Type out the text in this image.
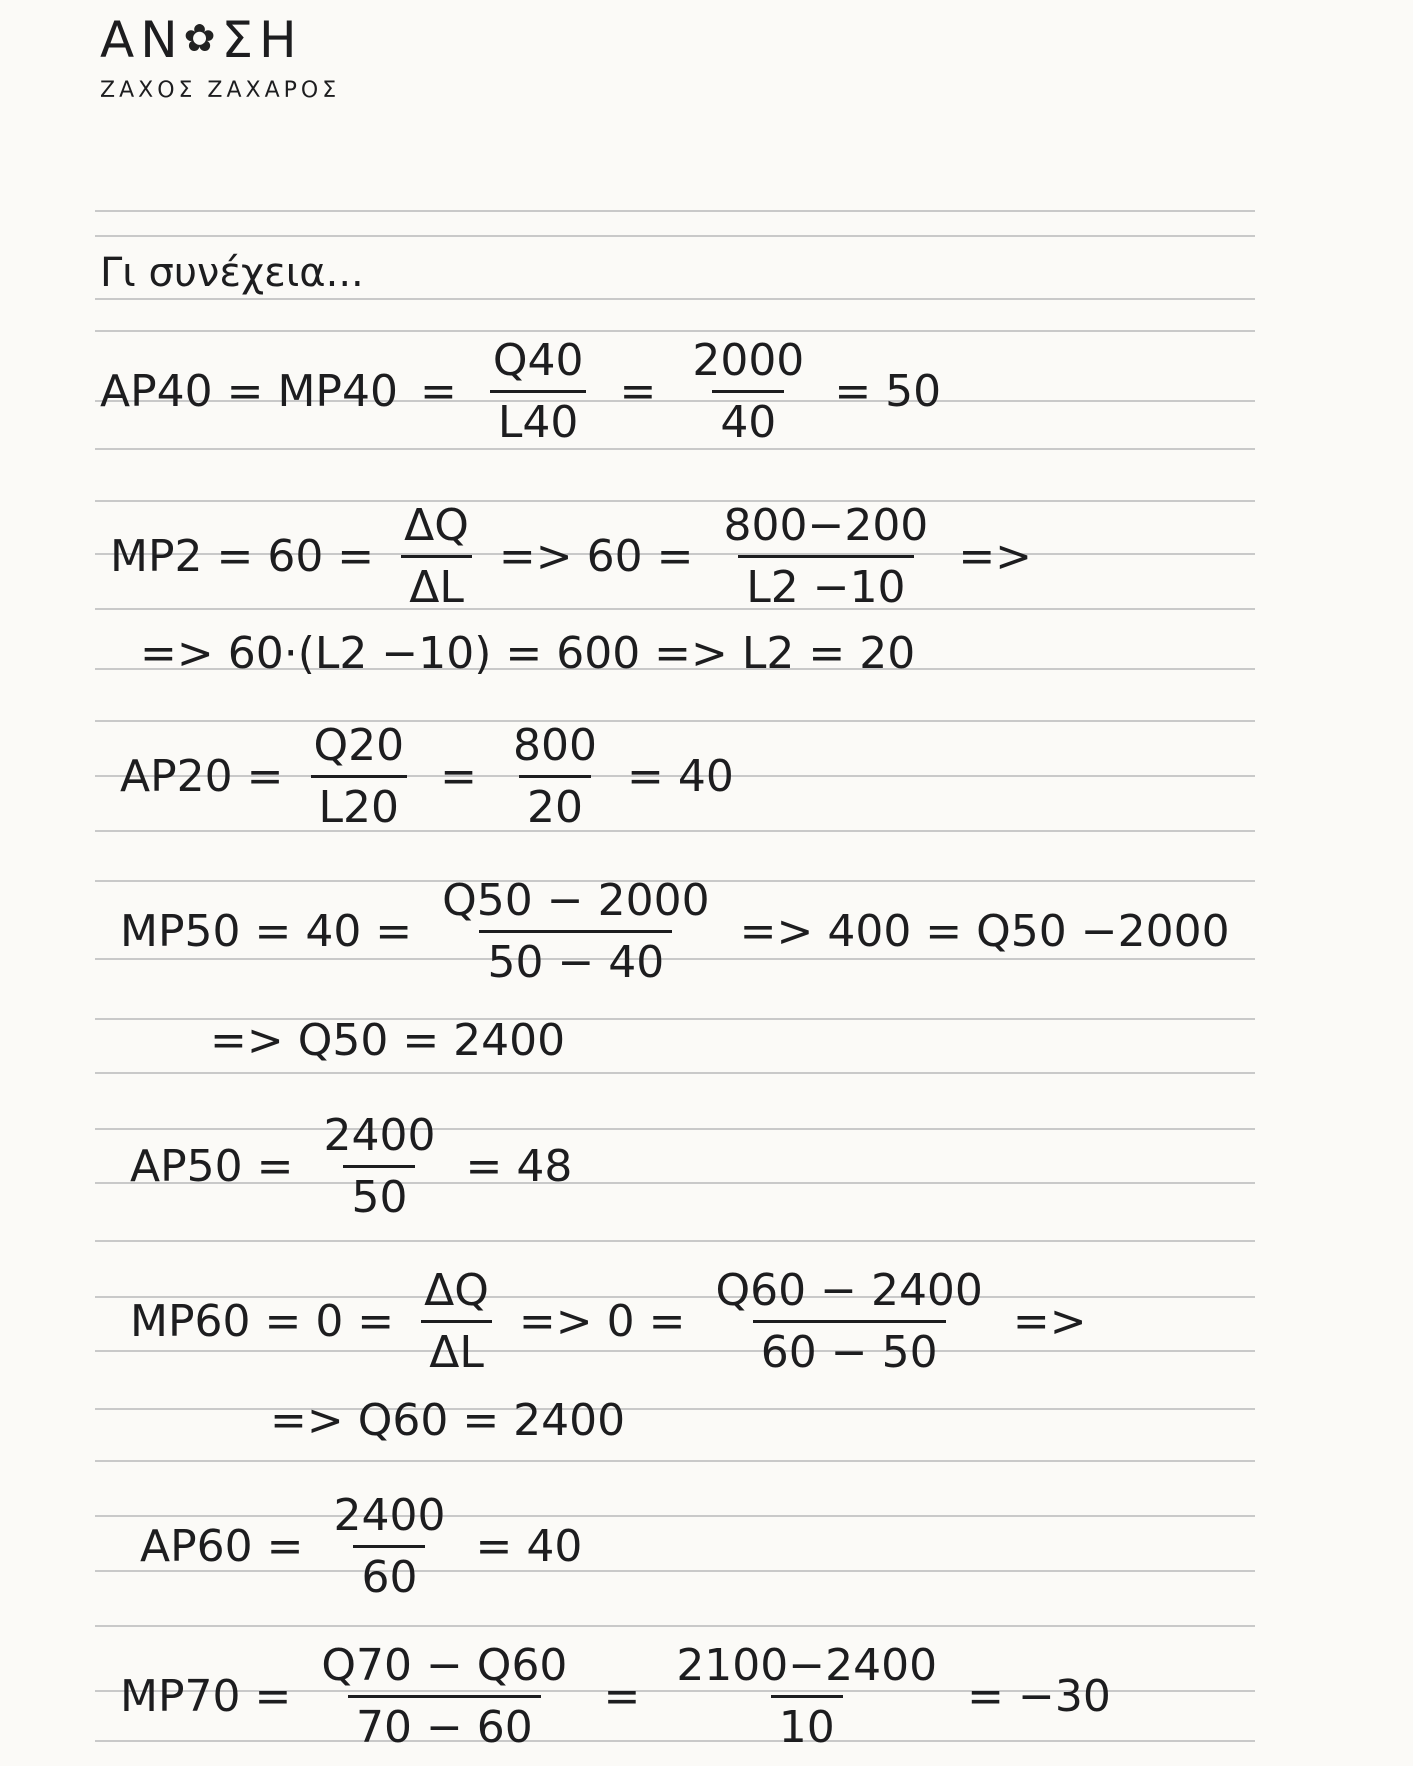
ΑΝ✿ΣΗ
ΖΑΧΟΣ ΖΑΧΑΡΟΣ
Γι συνέχεια...
$AP40 = MP40 = \frac{Q40}{L40} = \frac{2000}{40} = 50$
$MP2 = 60 = \frac{\Delta Q}{\Delta L} => 60 = \frac{800-200}{L2 -10}$ =>
=> 60·(L2 −10) = 600 => L2 = 20
$AP20 = \frac{Q20}{L20} = \frac{800}{20} = 40$
$MP50 = 40 = \frac{Q50 - 2000}{50 - 40} => 400 = Q50 -2000$
=> Q50 = 2400
$AP50 = \frac{2400}{50} = 48$
$MP60 = 0 = \frac{\Delta Q}{\Delta L} => 0 = \frac{Q60 - 2400}{60 - 50}$ =>
=> Q60 = 2400
$AP60 = \frac{2400}{60} = 40$
$MP70 = \frac{Q70 - Q60}{70 - 60} = \frac{2100-2400}{10} = -30$
